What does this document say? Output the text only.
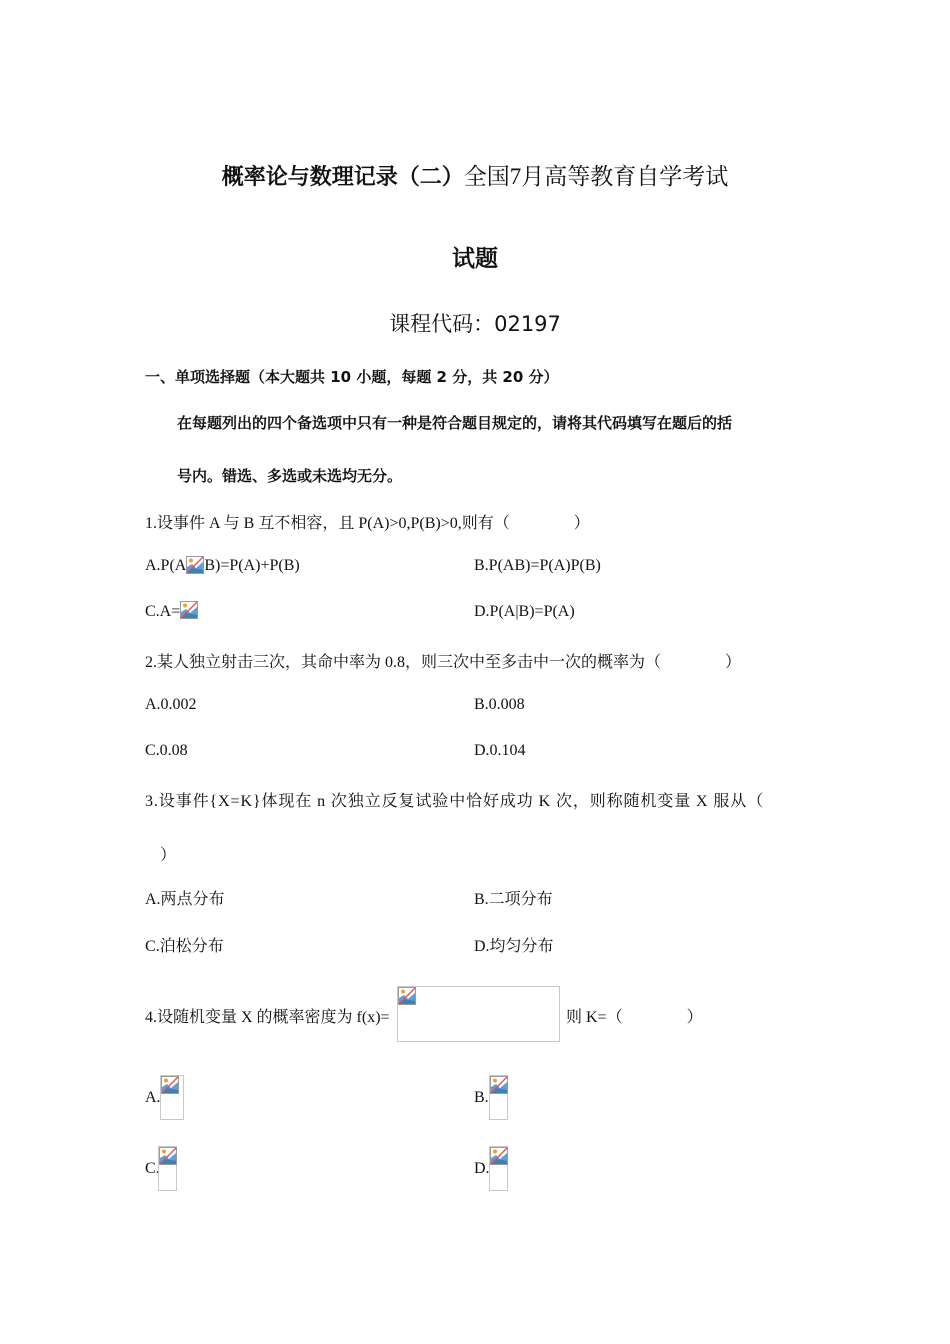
概率论与数理记录（二）全国7月高等教育自学考试
试题
课程代码：02197
一、单项选择题（本大题共 10 小题，每题 2 分，共 20 分）
在每题列出的四个备选项中只有一种是符合题目规定的，请将其代码填写在题后的括
号内。错选、多选或未选均无分。
1.设事件 A 与 B 互不相容，且 P(A)>0,P(B)>0,则有（　　　　）
A.P(A B)=P(A)+P(B)	B.P(AB)=P(A)P(B)
C.A=	D.P(A|B)=P(A)
2.某人独立射击三次，其命中率为 0.8，则三次中至多击中一次的概率为（　　　　）
A.0.002	B.0.008
C.0.08	D.0.104
3.设事件{X=K}体现在 n 次独立反复试验中恰好成功 K 次，则称随机变量 X 服从（
）
A.两点分布	B.二项分布
C.泊松分布	D.均匀分布
4.设随机变量 X 的概率密度为 f(x)=	则 K=（　　　　）
A.	B.
C.	D.
